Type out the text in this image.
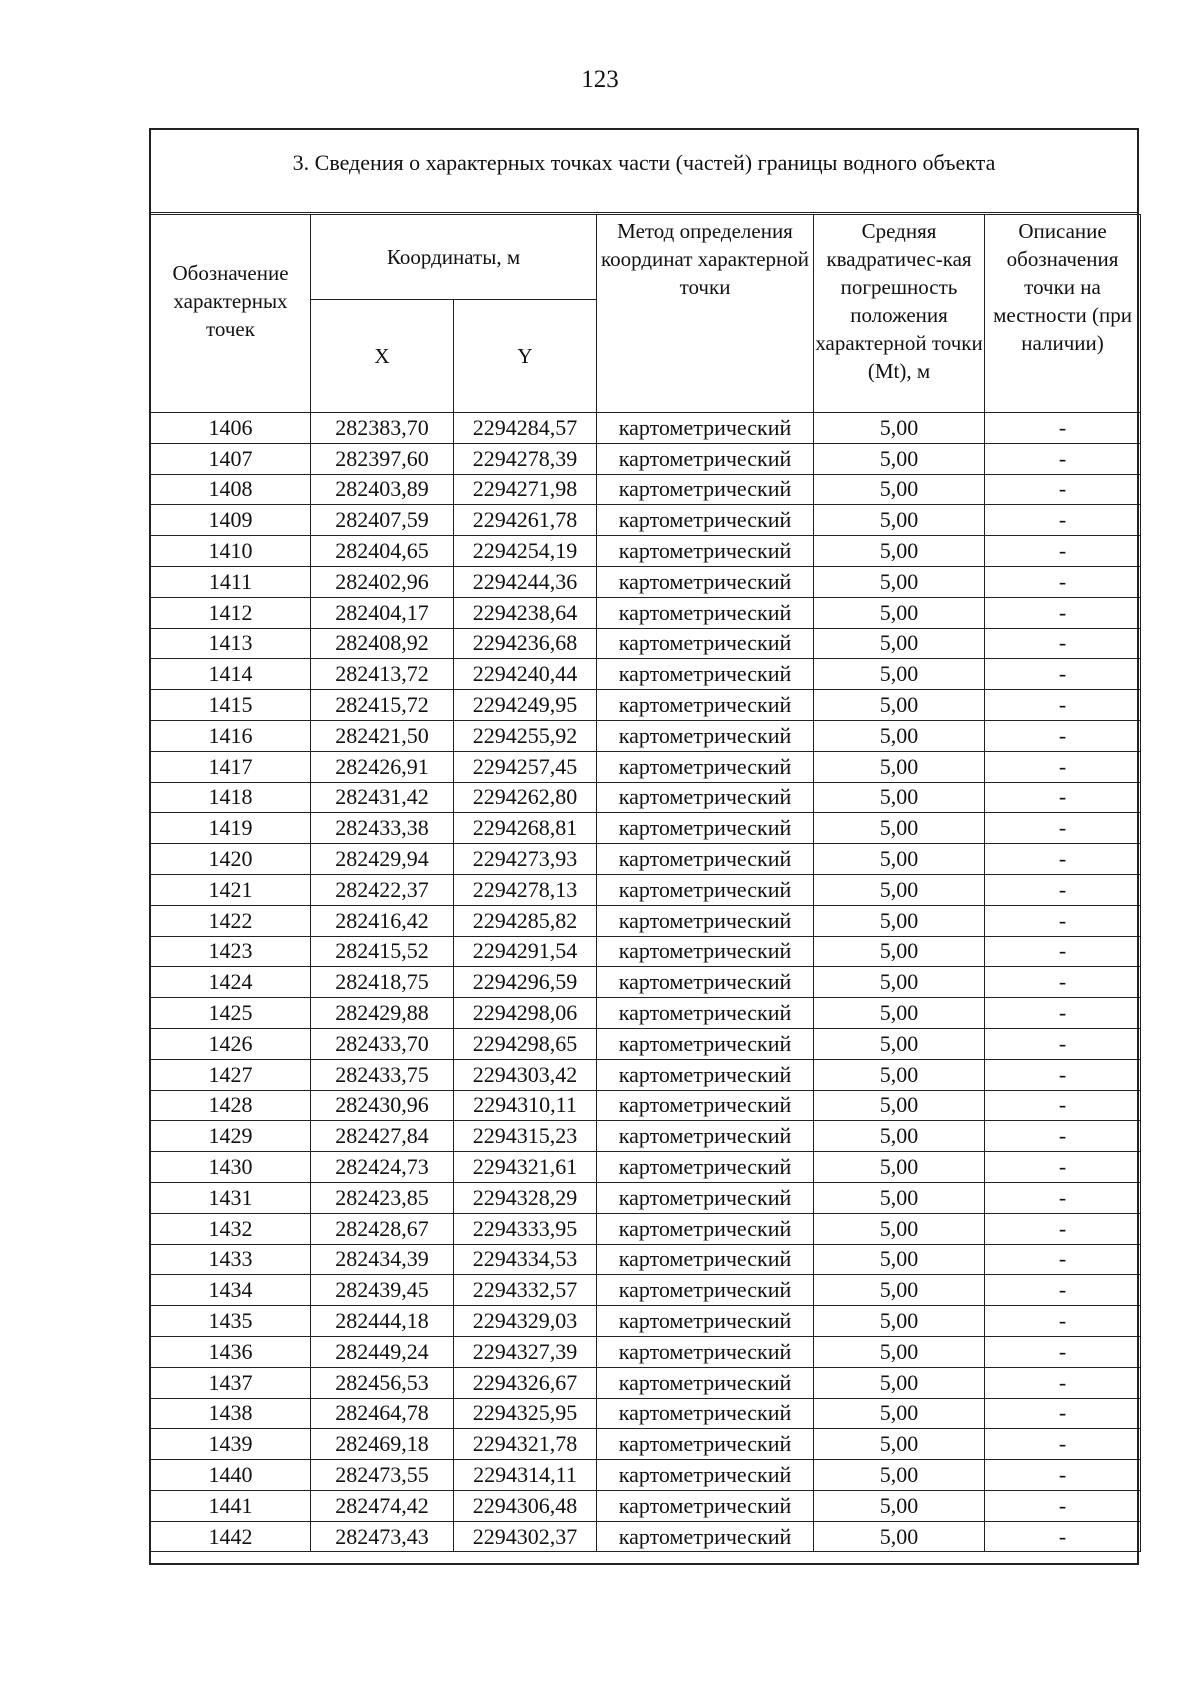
123
3. Сведения о характерных точках части (частей) границы водного объекта
Обозначение характерных точек	Координаты, м		Метод определения координат характерной точки	Средняя квадратичес-кая погрешность положения характерной точки (Mt), м	Описание обозначения точки на местности (при наличии)
	X	Y			
1406	282383,70	2294284,57	картометрический	5,00	-
1407	282397,60	2294278,39	картометрический	5,00	-
1408	282403,89	2294271,98	картометрический	5,00	-
1409	282407,59	2294261,78	картометрический	5,00	-
1410	282404,65	2294254,19	картометрический	5,00	-
1411	282402,96	2294244,36	картометрический	5,00	-
1412	282404,17	2294238,64	картометрический	5,00	-
1413	282408,92	2294236,68	картометрический	5,00	-
1414	282413,72	2294240,44	картометрический	5,00	-
1415	282415,72	2294249,95	картометрический	5,00	-
1416	282421,50	2294255,92	картометрический	5,00	-
1417	282426,91	2294257,45	картометрический	5,00	-
1418	282431,42	2294262,80	картометрический	5,00	-
1419	282433,38	2294268,81	картометрический	5,00	-
1420	282429,94	2294273,93	картометрический	5,00	-
1421	282422,37	2294278,13	картометрический	5,00	-
1422	282416,42	2294285,82	картометрический	5,00	-
1423	282415,52	2294291,54	картометрический	5,00	-
1424	282418,75	2294296,59	картометрический	5,00	-
1425	282429,88	2294298,06	картометрический	5,00	-
1426	282433,70	2294298,65	картометрический	5,00	-
1427	282433,75	2294303,42	картометрический	5,00	-
1428	282430,96	2294310,11	картометрический	5,00	-
1429	282427,84	2294315,23	картометрический	5,00	-
1430	282424,73	2294321,61	картометрический	5,00	-
1431	282423,85	2294328,29	картометрический	5,00	-
1432	282428,67	2294333,95	картометрический	5,00	-
1433	282434,39	2294334,53	картометрический	5,00	-
1434	282439,45	2294332,57	картометрический	5,00	-
1435	282444,18	2294329,03	картометрический	5,00	-
1436	282449,24	2294327,39	картометрический	5,00	-
1437	282456,53	2294326,67	картометрический	5,00	-
1438	282464,78	2294325,95	картометрический	5,00	-
1439	282469,18	2294321,78	картометрический	5,00	-
1440	282473,55	2294314,11	картометрический	5,00	-
1441	282474,42	2294306,48	картометрический	5,00	-
1442	282473,43	2294302,37	картометрический	5,00	-
